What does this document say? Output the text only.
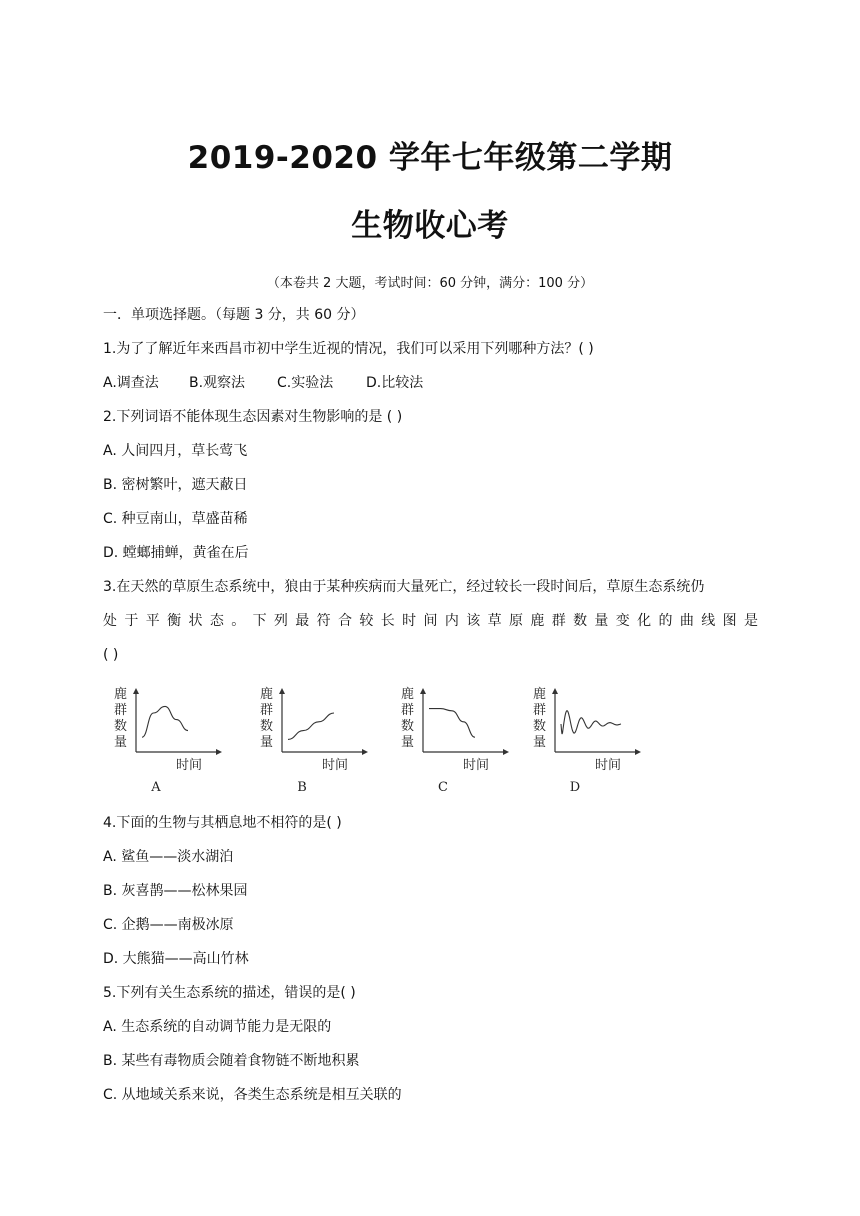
2019-2020 学年七年级第二学期
生物收心考
（本卷共 2 大题，考试时间：60 分钟，满分：100 分）
一．单项选择题。（每题 3 分，共 60 分）
1.为了了解近年来西昌市初中学生近视的情况，我们可以采用下列哪种方法？( )
A.调查法 B.观察法 C.实验法 D.比较法
2.下列词语不能体现生态因素对生物影响的是 ( )
A. 人间四月，草长莺飞
B. 密树繁叶，遮天蔽日
C. 种豆南山，草盛苗稀
D. 螳螂捕蝉，黄雀在后
3.在天然的草原生态系统中，狼由于某种疾病而大量死亡，经过较长一段时间后，草原生态系统仍
处于平衡状态。下列最符合较长时间内该草原鹿群数量变化的曲线图是
( )
鹿
群
数
量
时间
A
鹿
群
数
量
时间
B
鹿
群
数
量
时间
C
鹿
群
数
量
时间
D
4.下面的生物与其栖息地不相符的是( )
A. 鲨鱼——淡水湖泊
B. 灰喜鹊——松林果园
C. 企鹅——南极冰原
D. 大熊猫——高山竹林
5.下列有关生态系统的描述，错误的是( )
A. 生态系统的自动调节能力是无限的
B. 某些有毒物质会随着食物链不断地积累
C. 从地域关系来说，各类生态系统是相互关联的
